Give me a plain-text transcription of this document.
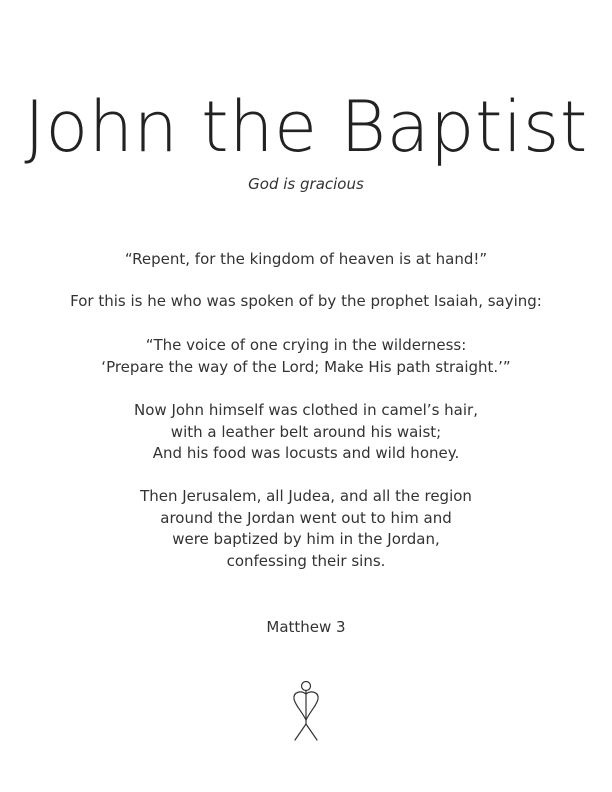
John the Baptist

God is gracious

“Repent, for the kingdom of heaven is at hand!”
For this is he who was spoken of by the prophet Isaiah, saying:
“The voice of one crying in the wilderness:
‘Prepare the way of the Lord; Make His path straight.’”
Now John himself was clothed in camel’s hair,
with a leather belt around his waist;
And his food was locusts and wild honey.
Then Jerusalem, all Judea, and all the region
around the Jordan went out to him and
were baptized by him in the Jordan,
confessing their sins.
Matthew 3
